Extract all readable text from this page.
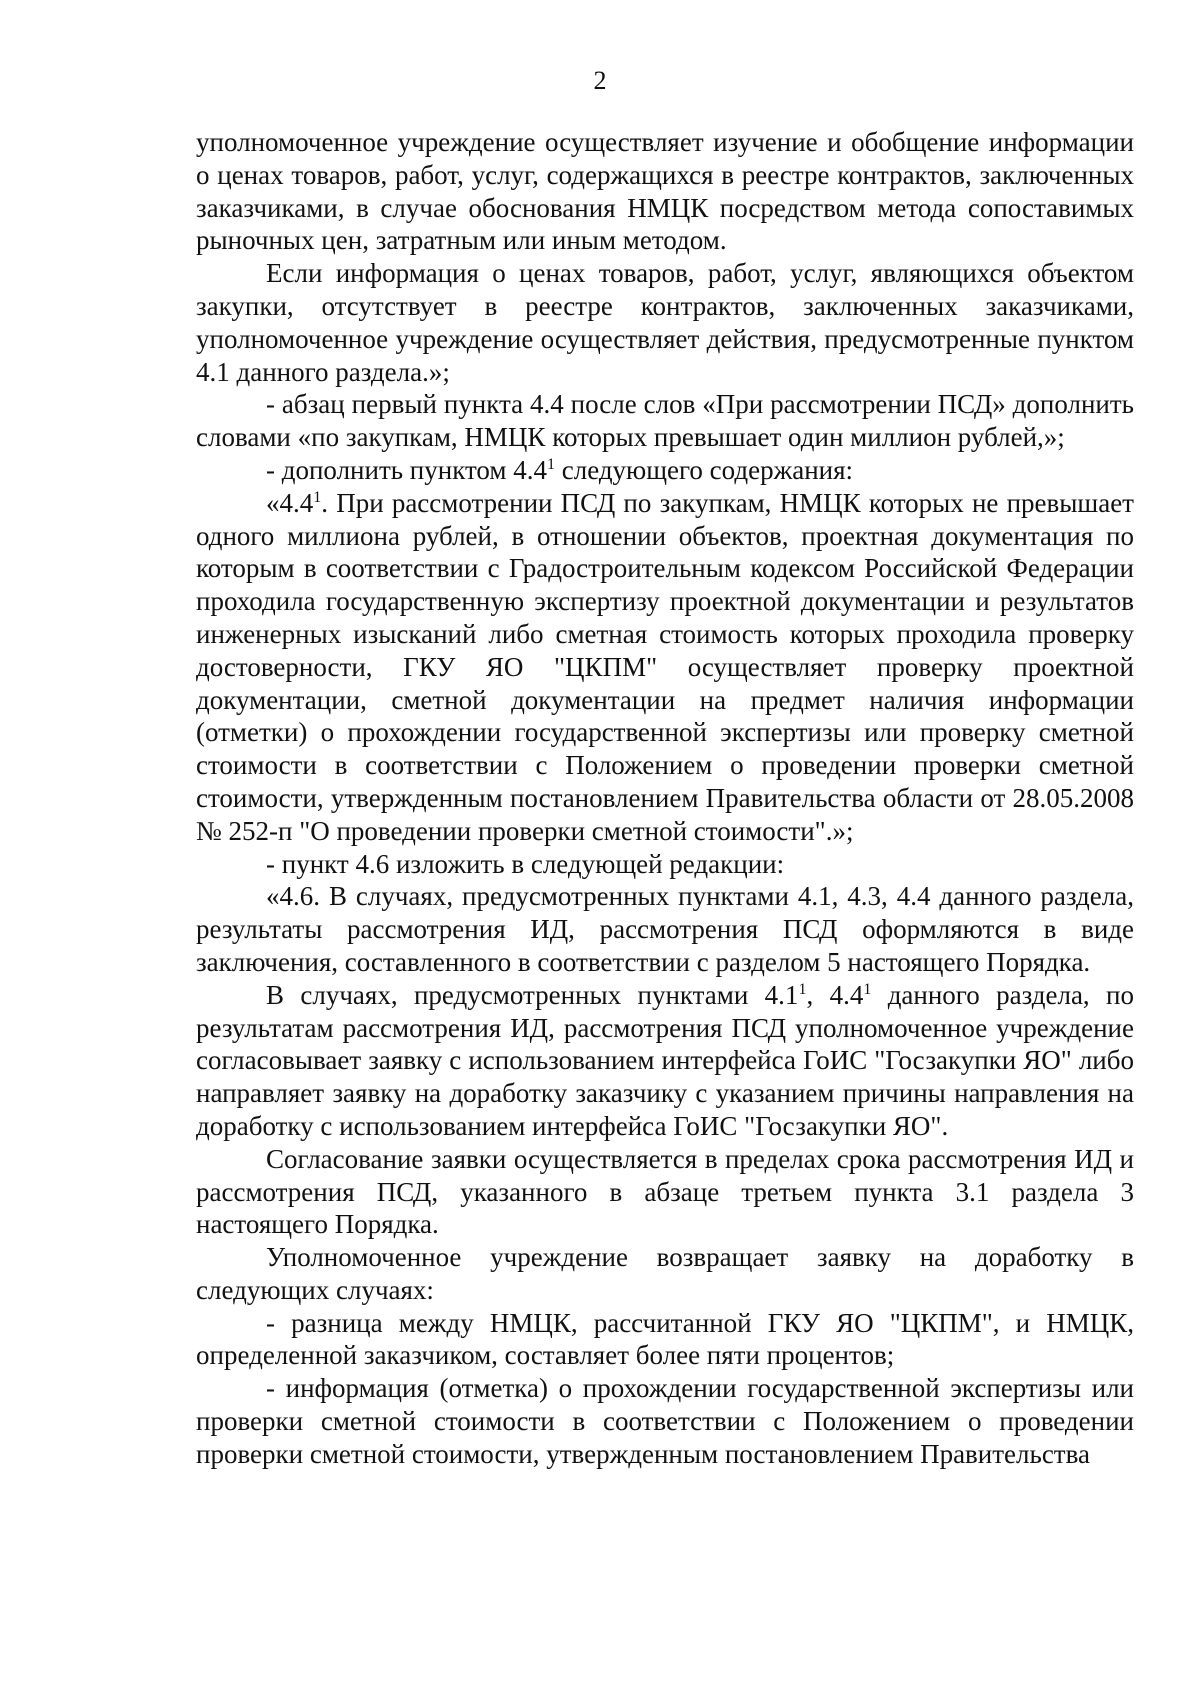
2

уполномоченное учреждение осуществляет изучение и обобщение информации о ценах товаров, работ, услуг, содержащихся в реестре контрактов, заключенных заказчиками, в случае обоснования НМЦК посредством метода сопоставимых рыночных цен, затратным или иным методом.

Если информация о ценах товаров, работ, услуг, являющихся объектом закупки, отсутствует в реестре контрактов, заключенных заказчиками, уполномоченное учреждение осуществляет действия, предусмотренные пунктом 4.1 данного раздела.»;

- абзац первый пункта 4.4 после слов «При рассмотрении ПСД» дополнить словами «по закупкам, НМЦК которых превышает один миллион рублей,»;

- дополнить пунктом $4.4^1$ следующего содержания:

«$4.4^1$. При рассмотрении ПСД по закупкам, НМЦК которых не превышает одного миллиона рублей, в отношении объектов, проектная документация по которым в соответствии с Градостроительным кодексом Российской Федерации проходила государственную экспертизу проектной документации и результатов инженерных изысканий либо сметная стоимость которых проходила проверку достоверности, ГКУ ЯО "ЦКПМ" осуществляет проверку проектной документации, сметной документации на предмет наличия информации (отметки) о прохождении государственной экспертизы или проверку сметной стоимости в соответствии с Положением о проведении проверки сметной стоимости, утвержденным постановлением Правительства области от 28.05.2008 № 252-п "О проведении проверки сметной стоимости".»;

- пункт 4.6 изложить в следующей редакции:

«4.6. В случаях, предусмотренных пунктами 4.1, 4.3, 4.4 данного раздела, результаты рассмотрения ИД, рассмотрения ПСД оформляются в виде заключения, составленного в соответствии с разделом 5 настоящего Порядка.

В случаях, предусмотренных пунктами $4.1^1$, $4.4^1$ данного раздела, по результатам рассмотрения ИД, рассмотрения ПСД уполномоченное учреждение согласовывает заявку с использованием интерфейса ГоИС "Госзакупки ЯО" либо направляет заявку на доработку заказчику с указанием причины направления на доработку с использованием интерфейса ГоИС "Госзакупки ЯО".

Согласование заявки осуществляется в пределах срока рассмотрения ИД и рассмотрения ПСД, указанного в абзаце третьем пункта 3.1 раздела 3 настоящего Порядка.

Уполномоченное учреждение возвращает заявку на доработку в следующих случаях:

- разница между НМЦК, рассчитанной ГКУ ЯО "ЦКПМ", и НМЦК, определенной заказчиком, составляет более пяти процентов;

- информация (отметка) о прохождении государственной экспертизы или проверки сметной стоимости в соответствии с Положением о проведении проверки сметной стоимости, утвержденным постановлением Правительства
